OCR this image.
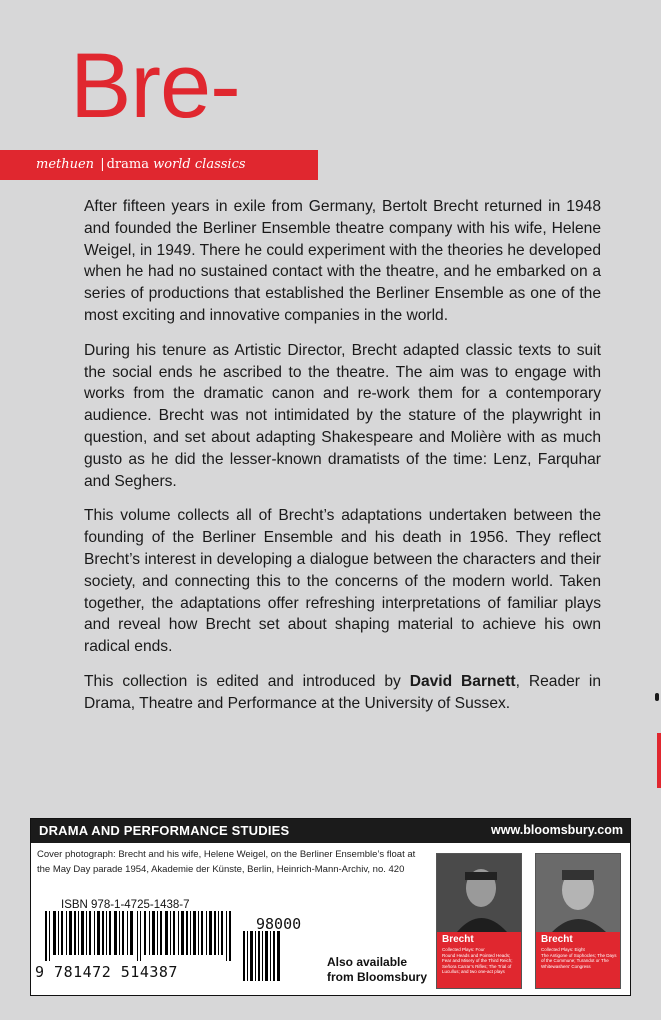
Bre-
methuen | drama world classics

After fifteen years in exile from Germany, Bertolt Brecht returned in 1948 and founded the Berliner Ensemble theatre company with his wife, Helene Weigel, in 1949. There he could experiment with the theories he developed when he had no sustained contact with the theatre, and he embarked on a series of productions that established the Berliner Ensemble as one of the most exciting and innovative companies in the world.

During his tenure as Artistic Director, Brecht adapted classic texts to suit the social ends he ascribed to the theatre. The aim was to engage with works from the dramatic canon and re-work them for a contemporary audience. Brecht was not intimidated by the stature of the playwright in question, and set about adapting Shakespeare and Molière with as much gusto as he did the lesser-known dramatists of the time: Lenz, Farquhar and Seghers.

This volume collects all of Brecht’s adaptations undertaken between the founding of the Berliner Ensemble and his death in 1956. They reflect Brecht’s interest in developing a dialogue between the characters and their society, and connecting this to the concerns of the modern world. Taken together, the adaptations offer refreshing interpretations of familiar plays and reveal how Brecht set about shaping material to achieve his own radical ends.

This collection is edited and introduced by David Barnett, Reader in Drama, Theatre and Performance at the University of Sussex.

DRAMA AND PERFORMANCE STUDIES	www.bloomsbury.com
Cover photograph: Brecht and his wife, Helene Weigel, on the Berliner Ensemble’s float at the May Day parade 1954, Akademie der Künste, Berlin, Heinrich-Mann-Archiv, no. 420
ISBN 978-1-4725-1438-7
9 781472 514387
98000
Also available
from Bloomsbury
Brecht
Collected Plays: Four
Round Heads and Pointed Heads; Fear and Misery of the Third Reich; Señora Carrar’s Rifles; The Trial of Lucullus; and two one-act plays
Brecht
Collected Plays: Eight
The Antigone of Sophocles; The Days of the Commune; Turandot or The Whitewashers’ Congress
